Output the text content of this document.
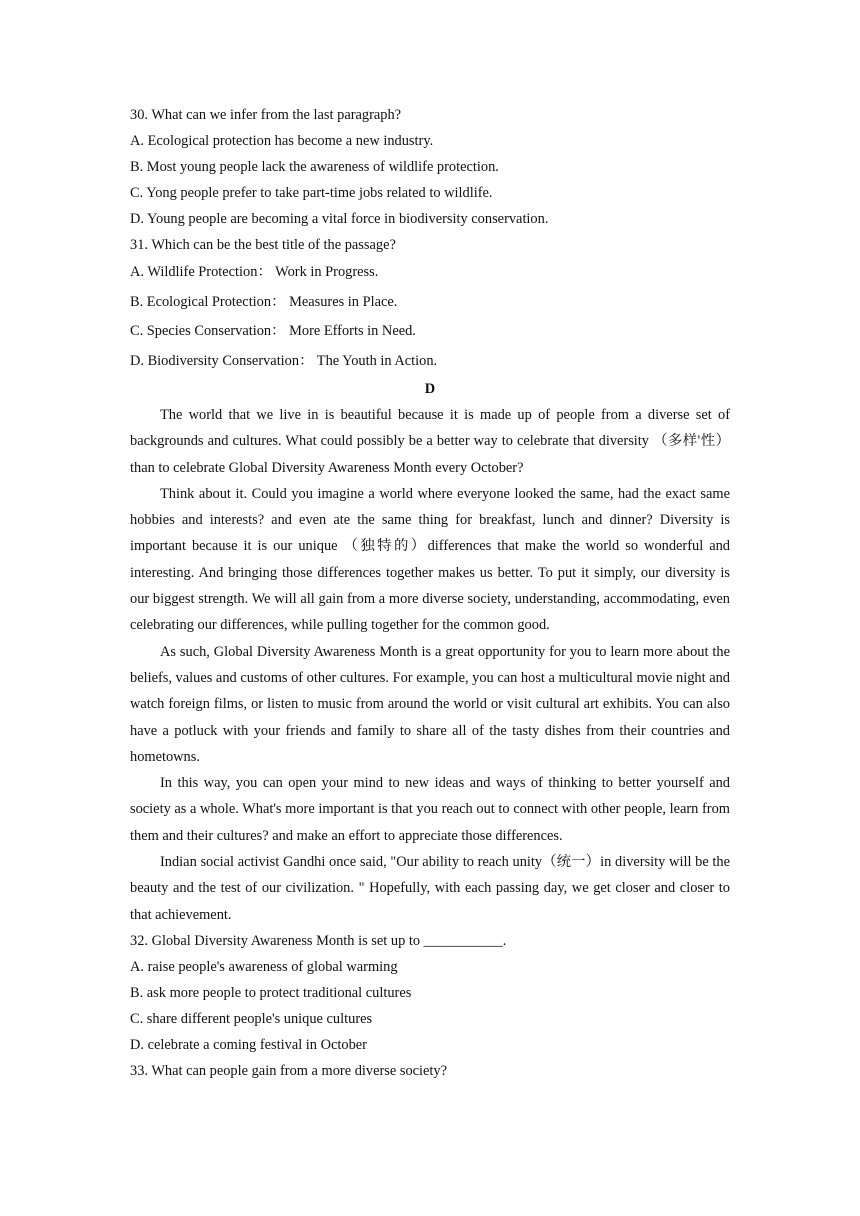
30. What can we infer from the last paragraph?
A. Ecological protection has become a new industry.
B. Most young people lack the awareness of wildlife protection.
C. Yong people prefer to take part-time jobs related to wildlife.
D. Young people are becoming a vital force in biodiversity conservation.
31. Which can be the best title of the passage?
A. Wildlife Protection： Work in Progress.
B. Ecological Protection： Measures in Place.
C. Species Conservation： More Efforts in Need.
D. Biodiversity Conservation： The Youth in Action.
D

The world that we live in is beautiful because it is made up of people from a diverse set of backgrounds and cultures. What could possibly be a better way to celebrate that diversity （多样'性）than to celebrate Global Diversity Awareness Month every October?

Think about it. Could you imagine a world where everyone looked the same, had the exact same hobbies and interests? and even ate the same thing for breakfast, lunch and dinner? Diversity is important because it is our unique （独特的）differences that make the world so wonderful and interesting. And bringing those differences together makes us better. To put it simply, our diversity is our biggest strength. We will all gain from a more diverse society, understanding, accommodating, even celebrating our differences, while pulling together for the common good.

As such, Global Diversity Awareness Month is a great opportunity for you to learn more about the beliefs, values and customs of other cultures. For example, you can host a multicultural movie night and watch foreign films, or listen to music from around the world or visit cultural art exhibits. You can also have a potluck with your friends and family to share all of the tasty dishes from their countries and hometowns.

In this way, you can open your mind to new ideas and ways of thinking to better yourself and society as a whole. What's more important is that you reach out to connect with other people, learn from them and their cultures? and make an effort to appreciate those differences.

Indian social activist Gandhi once said, "Our ability to reach unity（统一）in diversity will be the beauty and the test of our civilization. " Hopefully, with each passing day, we get closer and closer to that achievement.

32. Global Diversity Awareness Month is set up to ___________.
A. raise people's awareness of global warming
B. ask more people to protect traditional cultures
C. share different people's unique cultures
D. celebrate a coming festival in October
33. What can people gain from a more diverse society?
